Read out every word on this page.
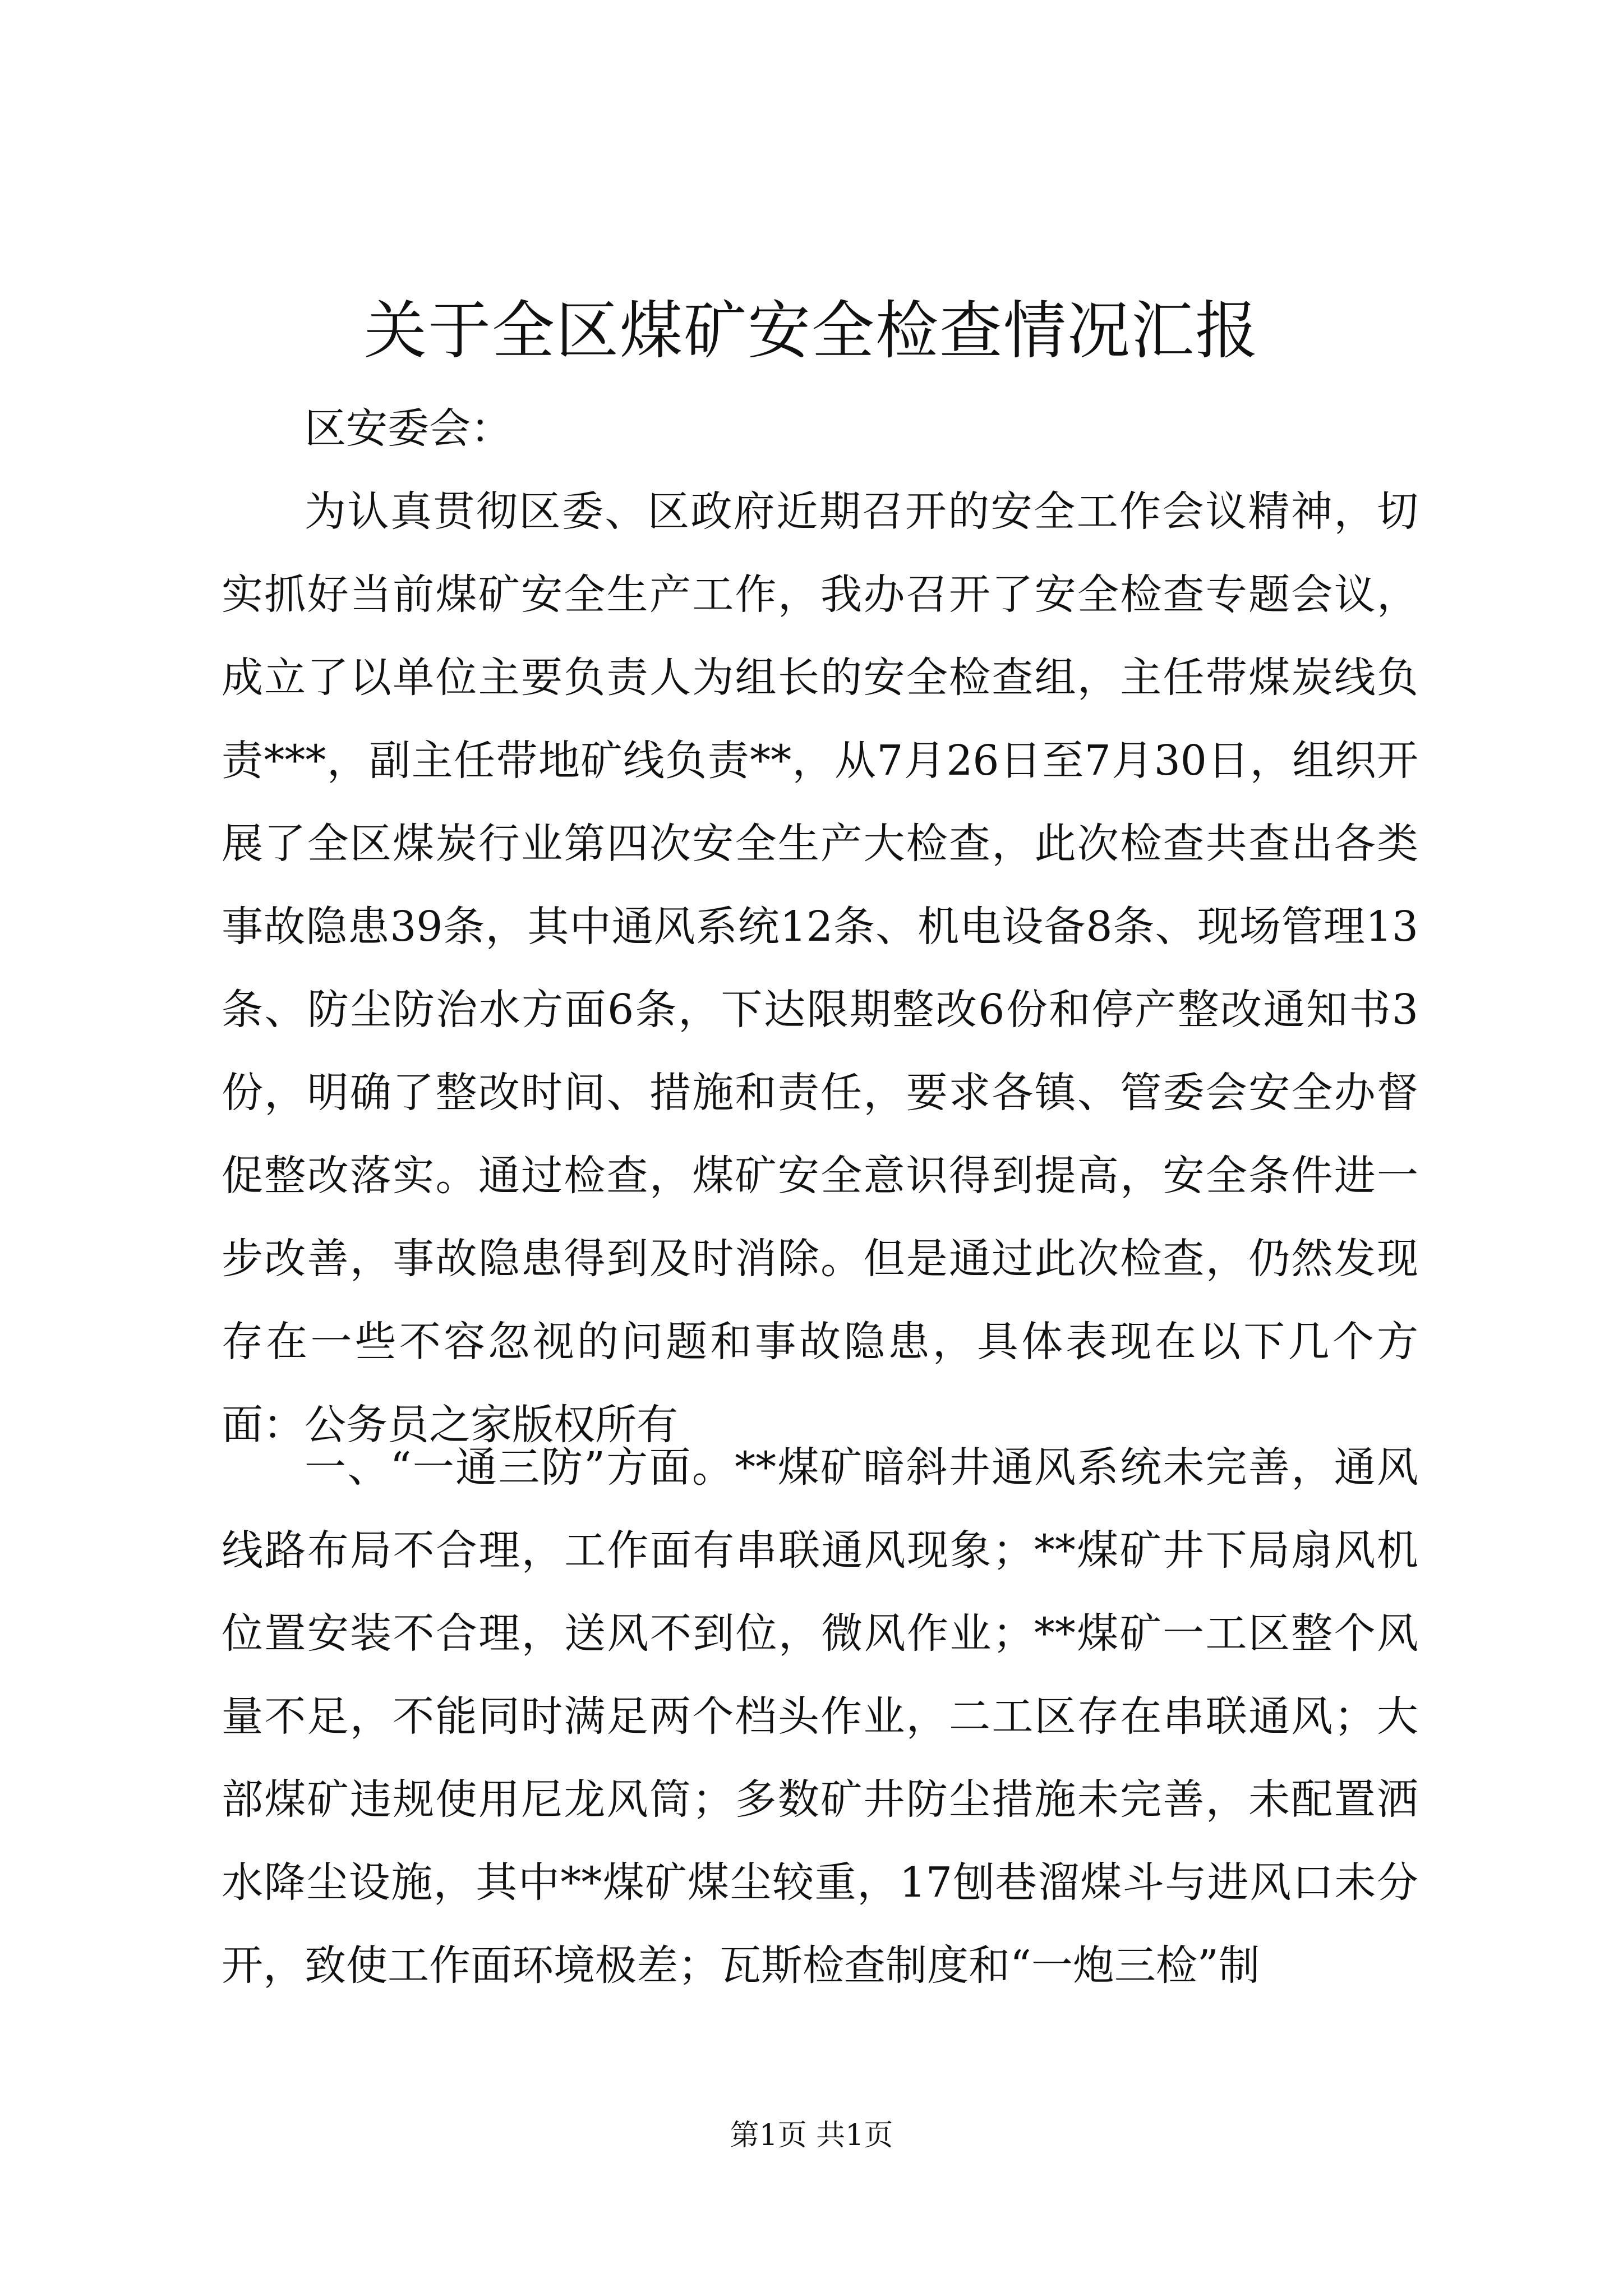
关于全区煤矿安全检查情况汇报

区安委会：

为认真贯彻区委、区政府近期召开的安全工作会议精神，切实抓好当前煤矿安全生产工作，我办召开了安全检查专题会议，成立了以单位主要负责人为组长的安全检查组，主任带煤炭线负责***，副主任带地矿线负责**，从7月26日至7月30日，组织开展了全区煤炭行业第四次安全生产大检查，此次检查共查出各类事故隐患39条，其中通风系统12条、机电设备8条、现场管理13条、防尘防治水方面6条，下达限期整改6份和停产整改通知书3份，明确了整改时间、措施和责任，要求各镇、管委会安全办督促整改落实。通过检查，煤矿安全意识得到提高，安全条件进一步改善，事故隐患得到及时消除。但是通过此次检查，仍然发现存在一些不容忽视的问题和事故隐患，具体表现在以下几个方面：公务员之家版权所有

一、“一通三防”方面。**煤矿暗斜井通风系统未完善，通风线路布局不合理，工作面有串联通风现象；**煤矿井下局扇风机位置安装不合理，送风不到位，微风作业；**煤矿一工区整个风量不足，不能同时满足两个档头作业，二工区存在串联通风；大部煤矿违规使用尼龙风筒；多数矿井防尘措施未完善，未配置洒水降尘设施，其中**煤矿煤尘较重，17刨巷溜煤斗与进风口未分开，致使工作面环境极差；瓦斯检查制度和“一炮三检”制

第1页 共1页
